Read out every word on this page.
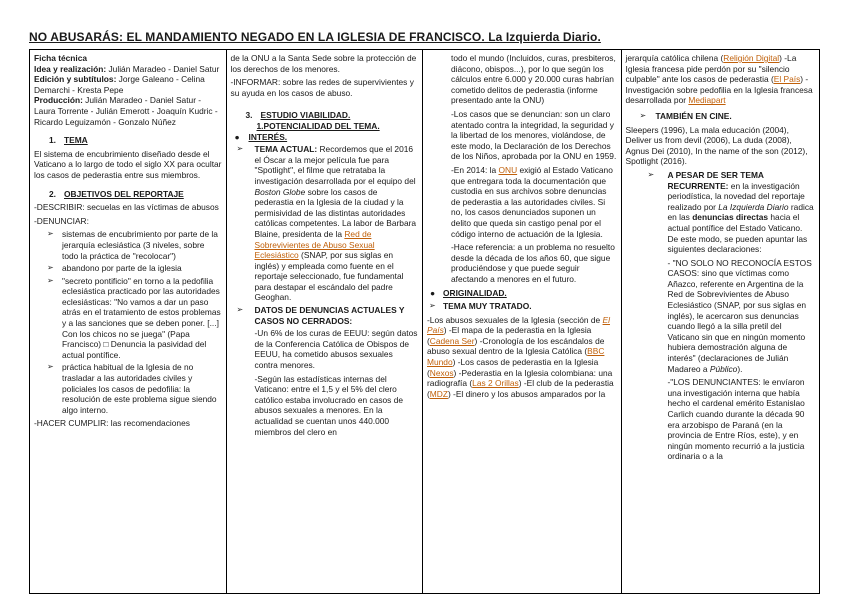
NO ABUSARÁS: EL MANDAMIENTO NEGADO EN LA IGLESIA DE FRANCISCO. La Izquierda Diario.

Ficha técnica
Idea y realización: Julián Maradeo - Daniel Satur
Edición y subtítulos: Jorge Galeano - Celina Demarchi - Kresta Pepe
Producción: Julián Maradeo - Daniel Satur - Laura Torrente - Julián Emerott - Joaquín Kudric - Ricardo Leguizamón - Gonzalo Núñez

1. TEMA

El sistema de encubrimiento diseñado desde el Vaticano a lo largo de todo el siglo XX para ocultar los casos de pederastia entre sus miembros.

2. OBJETIVOS DEL REPORTAJE

-DESCRIBIR: secuelas en las víctimas de abusos

-DENUNCIAR:

➢ sistemas de encubrimiento por parte de la jerarquía eclesiástica (3 niveles, sobre todo la práctica de "recolocar")
➢ abandono por parte de la iglesia
➢ "secreto pontificio" en torno a la pedofilia eclesiástica practicado por las autoridades eclesiásticas: "No vamos a dar un paso atrás en el tratamiento de estos problemas y a las sanciones que se deben poner. [...] Con los chicos no se juega" (Papa Francisco) □ Denuncia la pasividad del actual pontífice.
➢ práctica habitual de la Iglesia de no trasladar a las autoridades civiles y policiales los casos de pedofilia: la resolución de este problema sigue siendo algo interno.

-HACER CUMPLIR: las recomendaciones

de la ONU a la Santa Sede sobre la protección de los derechos de los menores.

-INFORMAR: sobre las redes de supervivientes y su ayuda en los casos de abuso.

3. ESTUDIO VIABILIDAD.

1.POTENCIALIDAD DEL TEMA.

● INTERÉS.
➢ TEMA ACTUAL: Recordemos que el 2016 el Óscar a la mejor película fue para "Spotlight", el filme que retrataba la investigación desarrollada por el equipo del Boston Globe sobre los casos de pederastia en la Iglesia de la ciudad y la permisividad de las distintas autoridades católicas competentes. La labor de Barbara Blaine, presidenta de la Red de Sobrevivientes de Abuso Sexual Eclesiástico (SNAP, por sus siglas en inglés) y empleada como fuente en el reportaje seleccionado, fue fundamental para destapar el escándalo del padre Geoghan.
➢ DATOS DE DENUNCIAS ACTUALES Y CASOS NO CERRADOS:

-Un 6% de los curas de EEUU: según datos de la Conferencia Católica de Obispos de EEUU, ha cometido abusos sexuales contra menores.

-Según las estadísticas internas del Vaticano: entre el 1,5 y el 5% del clero católico estaba involucrado en casos de abusos sexuales a menores. En la actualidad se cuentan unos 440.000 miembros del clero en

todo el mundo (Incluidos, curas, presbiteros, diácono, obispos...), por lo que según los cálculos entre 6.000 y 20.000 curas habrían cometido delitos de pederastia (informe presentado ante la ONU)

-Los casos que se denuncian: son un claro atentado contra la integridad, la seguridad y la libertad de los menores, violándose, de este modo, la Declaración de los Derechos de los Niños, aprobada por la ONU en 1959.

-En 2014: la ONU exigió al Estado Vaticano que entregara toda la documentación que custodia en sus archivos sobre denuncias de pederastia a las autoridades civiles. Si no, los casos denunciados suponen un delito que queda sin castigo penal por el código interno de actuación de la Iglesia.

-Hace referencia: a un problema no resuelto desde la década de los años 60, que sigue produciéndose y que puede seguir afectando a menores en el futuro.

● ORIGINALIDAD.
➢ TEMA MUY TRATADO.

-Los abusos sexuales de la Iglesia (sección de El País) -El mapa de la pederastia en la Iglesia (Cadena Ser) -Cronología de los escándalos de abuso sexual dentro de la Iglesia Católica (BBC Mundo) -Los casos de pederastia en la Iglesia (Nexos) -Pederastia en la Iglesia colombiana: una radiografía (Las 2 Orillas) -El club de la pederastia (MDZ) -El dinero y los abusos amparados por la

jerarquía católica chilena (Religión Digital) -La Iglesia francesa pide perdón por su "silencio culpable" ante los casos de pederastia (El País) -Investigación sobre pedofilia en la Iglesia francesa desarrollada por Mediapart

➢ TAMBIÉN EN CINE.

Sleepers (1996), La mala educación (2004), Deliver us from devil (2006), La duda (2008), Agnus Dei (2010), In the name of the son (2012), Spotlight (2016).

➢ A PESAR DE SER TEMA RECURRENTE: en la investigación periodística, la novedad del reportaje realizado por La Izquierda Diario radica en las denuncias directas hacia el actual pontífice del Estado Vaticano. De este modo, se pueden apuntar las siguientes declaraciones:

- "NO SOLO NO RECONOCÍA ESTOS CASOS: sino que víctimas como Añazco, referente en Argentina de la Red de Sobrevivientes de Abuso Eclesiástico (SNAP, por sus siglas en inglés), le acercaron sus denuncias cuando llegó a la silla pretil del Vaticano sin que en ningún momento hubiera demostración alguna de interés" (declaraciones de Julián Madareo a Público).

-"LOS DENUNCIANTES: le envíaron una investigación interna que había hecho el cardenal emérito Estanislao Carlich cuando durante la década 90 era arzobispo de Paraná (en la provincia de Entre Ríos, este), y en ningún momento recurrió a la justicia ordinaria o a la
